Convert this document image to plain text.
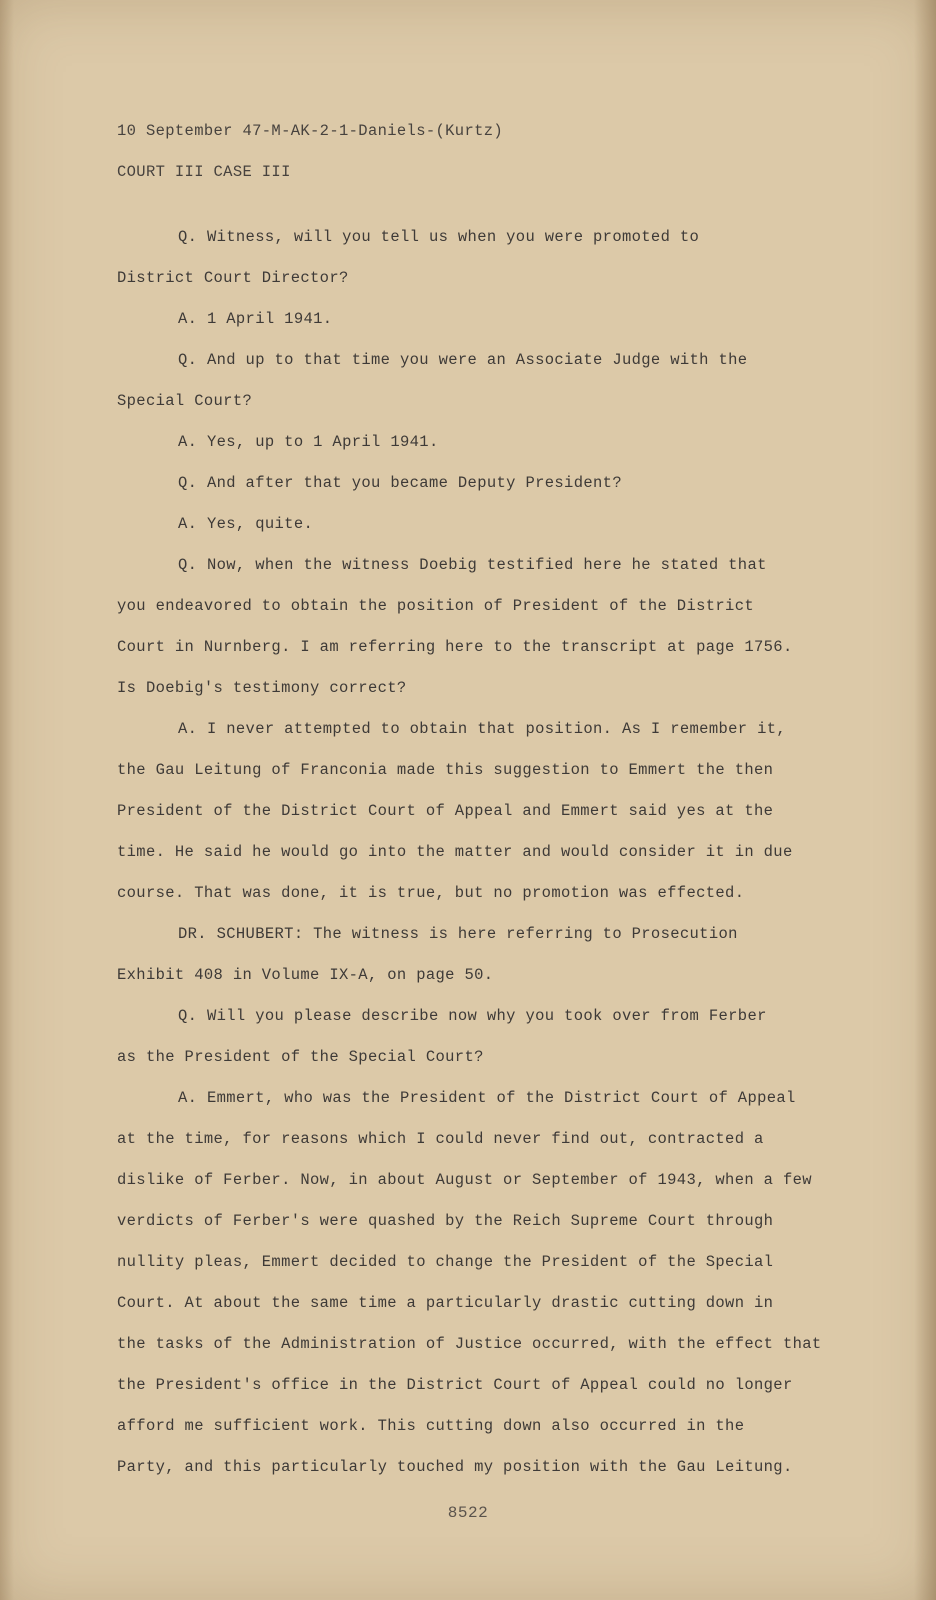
10 September 47-M-AK-2-1-Daniels-(Kurtz)

COURT III CASE III

Q. Witness, will you tell us when you were promoted to

District Court Director?

A. 1 April 1941.

Q. And up to that time you were an Associate Judge with the

Special Court?

A. Yes, up to 1 April 1941.

Q. And after that you became Deputy President?

A. Yes, quite.

Q. Now, when the witness Doebig testified here he stated that

you endeavored to obtain the position of President of the District

Court in Nurnberg. I am referring here to the transcript at page 1756.

Is Doebig's testimony correct?

A. I never attempted to obtain that position. As I remember it,

the Gau Leitung of Franconia made this suggestion to Emmert the then

President of the District Court of Appeal and Emmert said yes at the

time. He said he would go into the matter and would consider it in due

course. That was done, it is true, but no promotion was effected.

DR. SCHUBERT: The witness is here referring to Prosecution

Exhibit 408 in Volume IX-A, on page 50.

Q. Will you please describe now why you took over from Ferber

as the President of the Special Court?

A. Emmert, who was the President of the District Court of Appeal

at the time, for reasons which I could never find out, contracted a

dislike of Ferber. Now, in about August or September of 1943, when a few

verdicts of Ferber's were quashed by the Reich Supreme Court through

nullity pleas, Emmert decided to change the President of the Special

Court. At about the same time a particularly drastic cutting down in

the tasks of the Administration of Justice occurred, with the effect that

the President's office in the District Court of Appeal could no longer

afford me sufficient work. This cutting down also occurred in the

Party, and this particularly touched my position with the Gau Leitung.

8522
